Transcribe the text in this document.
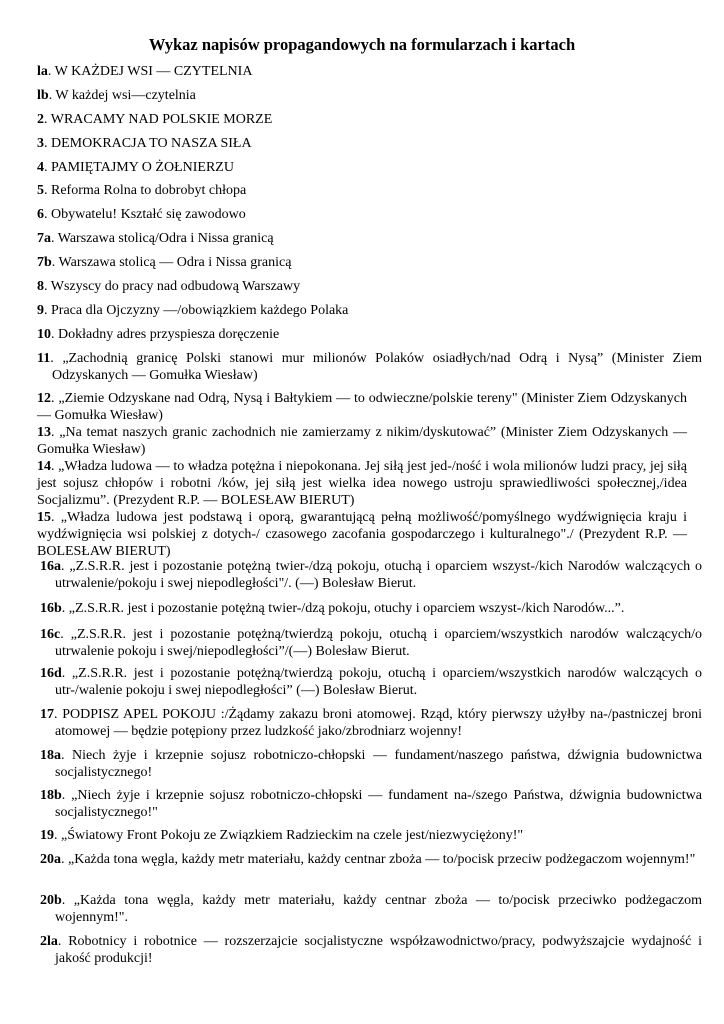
Wykaz napisów propagandowych na formularzach i kartach
la. W KAŻDEJ WSI — CZYTELNIA
lb. W każdej wsi—czytelnia
2. WRACAMY NAD POLSKIE MORZE
3. DEMOKRACJA TO NASZA SIŁA
4. PAMIĘTAJMY O ŻOŁNIERZU
5. Reforma Rolna to dobrobyt chłopa
6. Obywatelu! Kształć się zawodowo
7a. Warszawa stolicą/Odra i Nissa granicą
7b. Warszawa stolicą — Odra i Nissa granicą
8. Wszyscy do pracy nad odbudową Warszawy
9. Praca dla Ojczyzny —/obowiązkiem każdego Polaka
10. Dokładny adres przyspiesza doręczenie
11. „Zachodnią granicę Polski stanowi mur milionów Polaków osiadłych/nad Odrą i Nysą” (Minister Ziem Odzyskanych — Gomułka Wiesław)
12. „Ziemie Odzyskane nad Odrą, Nysą i Bałtykiem — to odwieczne/polskie tereny" (Minister Ziem Odzyskanych — Gomułka Wiesław)
13. „Na temat naszych granic zachodnich nie zamierzamy z nikim/dyskutować” (Minister Ziem Odzyskanych — Gomułka Wiesław)
14. „Władza ludowa — to władza potężna i niepokonana. Jej siłą jest jed-/ność i wola milionów ludzi pracy, jej siłą jest sojusz chłopów i robotni /ków, jej siłą jest wielka idea nowego ustroju sprawiedliwości społecznej,/idea Socjalizmu”. (Prezydent R.P. — BOLESŁAW BIERUT)
15. „Władza ludowa jest podstawą i oporą, gwarantującą pełną możliwość/pomyślnego wydźwignięcia kraju i wydźwignięcia wsi polskiej z dotych-/ czasowego zacofania gospodarczego i kulturalnego"./ (Prezydent R.P. — BOLESŁAW BIERUT)
16a. „Z.S.R.R. jest i pozostanie potężną twier-/dzą pokoju, otuchą i oparciem wszyst-/kich Narodów walczących o utrwalenie/pokoju i swej niepodległości"/. (—) Bolesław Bierut.
16b. „Z.S.R.R. jest i pozostanie potężną twier-/dzą pokoju, otuchy i oparciem wszyst-/kich Narodów...”.
16c. „Z.S.R.R. jest i pozostanie potężną/twierdzą pokoju, otuchą i oparciem/wszystkich narodów walczących/o utrwalenie pokoju i swej/niepodległości”/(—) Bolesław Bierut.
16d. „Z.S.R.R. jest i pozostanie potężną/twierdzą pokoju, otuchą i oparciem/wszystkich narodów walczących o utr-/walenie pokoju i swej niepodległości” (—) Bolesław Bierut.
17. PODPISZ APEL POKOJU :/Żądamy zakazu broni atomowej. Rząd, który pierwszy użyłby na-/pastniczej broni atomowej — będzie potępiony przez ludzkość jako/zbrodniarz wojenny!
18a. Niech żyje i krzepnie sojusz robotniczo-chłopski — fundament/naszego państwa, dźwignia budownictwa socjalistycznego!
18b. „Niech żyje i krzepnie sojusz robotniczo-chłopski — fundament na-/szego Państwa, dźwignia budownictwa socjalistycznego!"
19. „Światowy Front Pokoju ze Związkiem Radzieckim na czele jest/niezwyciężony!"
20a. „Każda tona węgla, każdy metr materiału, każdy centnar zboża — to/pocisk przeciw podżegaczom wojennym!"
20b. „Każda tona węgla, każdy metr materiału, każdy centnar zboża — to/pocisk przeciwko podżegaczom wojennym!".
2la. Robotnicy i robotnice — rozszerzajcie socjalistyczne współzawodnictwo/pracy, podwyższajcie wydajność i jakość produkcji!
